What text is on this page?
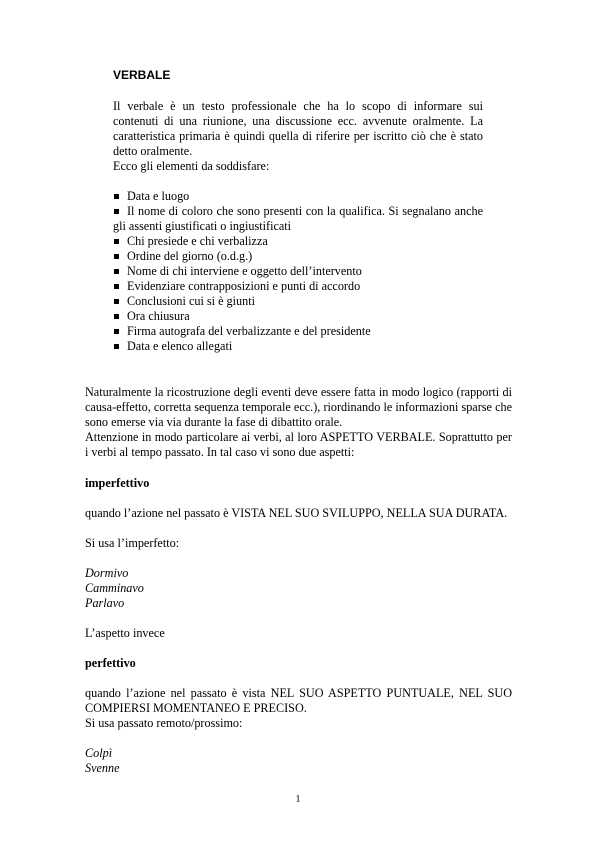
VERBALE
Il verbale è un testo professionale che ha lo scopo di informare sui contenuti di una riunione, una discussione ecc. avvenute oralmente. La caratteristica primaria è quindi quella di riferire per iscritto ciò che è stato detto oralmente.
Ecco gli elementi da soddisfare:
Data e luogo
Il nome di coloro che sono presenti con la qualifica. Si segnalano anche gli assenti giustificati o ingiustificati
Chi presiede e chi verbalizza
Ordine del giorno (o.d.g.)
Nome di chi interviene e oggetto dell’intervento
Evidenziare contrapposizioni e punti di accordo
Conclusioni cui si è giunti
Ora chiusura
Firma autografa del verbalizzante e del presidente
Data e elenco allegati
Naturalmente la ricostruzione degli eventi deve essere fatta in modo logico (rapporti di causa-effetto, corretta sequenza temporale ecc.), riordinando le informazioni sparse che sono emerse via via durante la fase di dibattito orale.
Attenzione in modo particolare ai verbi, al loro ASPETTO VERBALE. Soprattutto per i verbi al tempo passato. In tal caso vi sono due aspetti:
imperfettivo
quando l’azione nel passato è VISTA NEL SUO SVILUPPO, NELLA SUA DURATA.
Si usa l’imperfetto:
Dormivo
Camminavo
Parlavo
L’aspetto invece
perfettivo
quando l’azione nel passato è vista NEL SUO ASPETTO PUNTUALE, NEL SUO COMPIERSI MOMENTANEO E PRECISO.
Si usa passato remoto/prossimo:
Colpì
Svenne
1
